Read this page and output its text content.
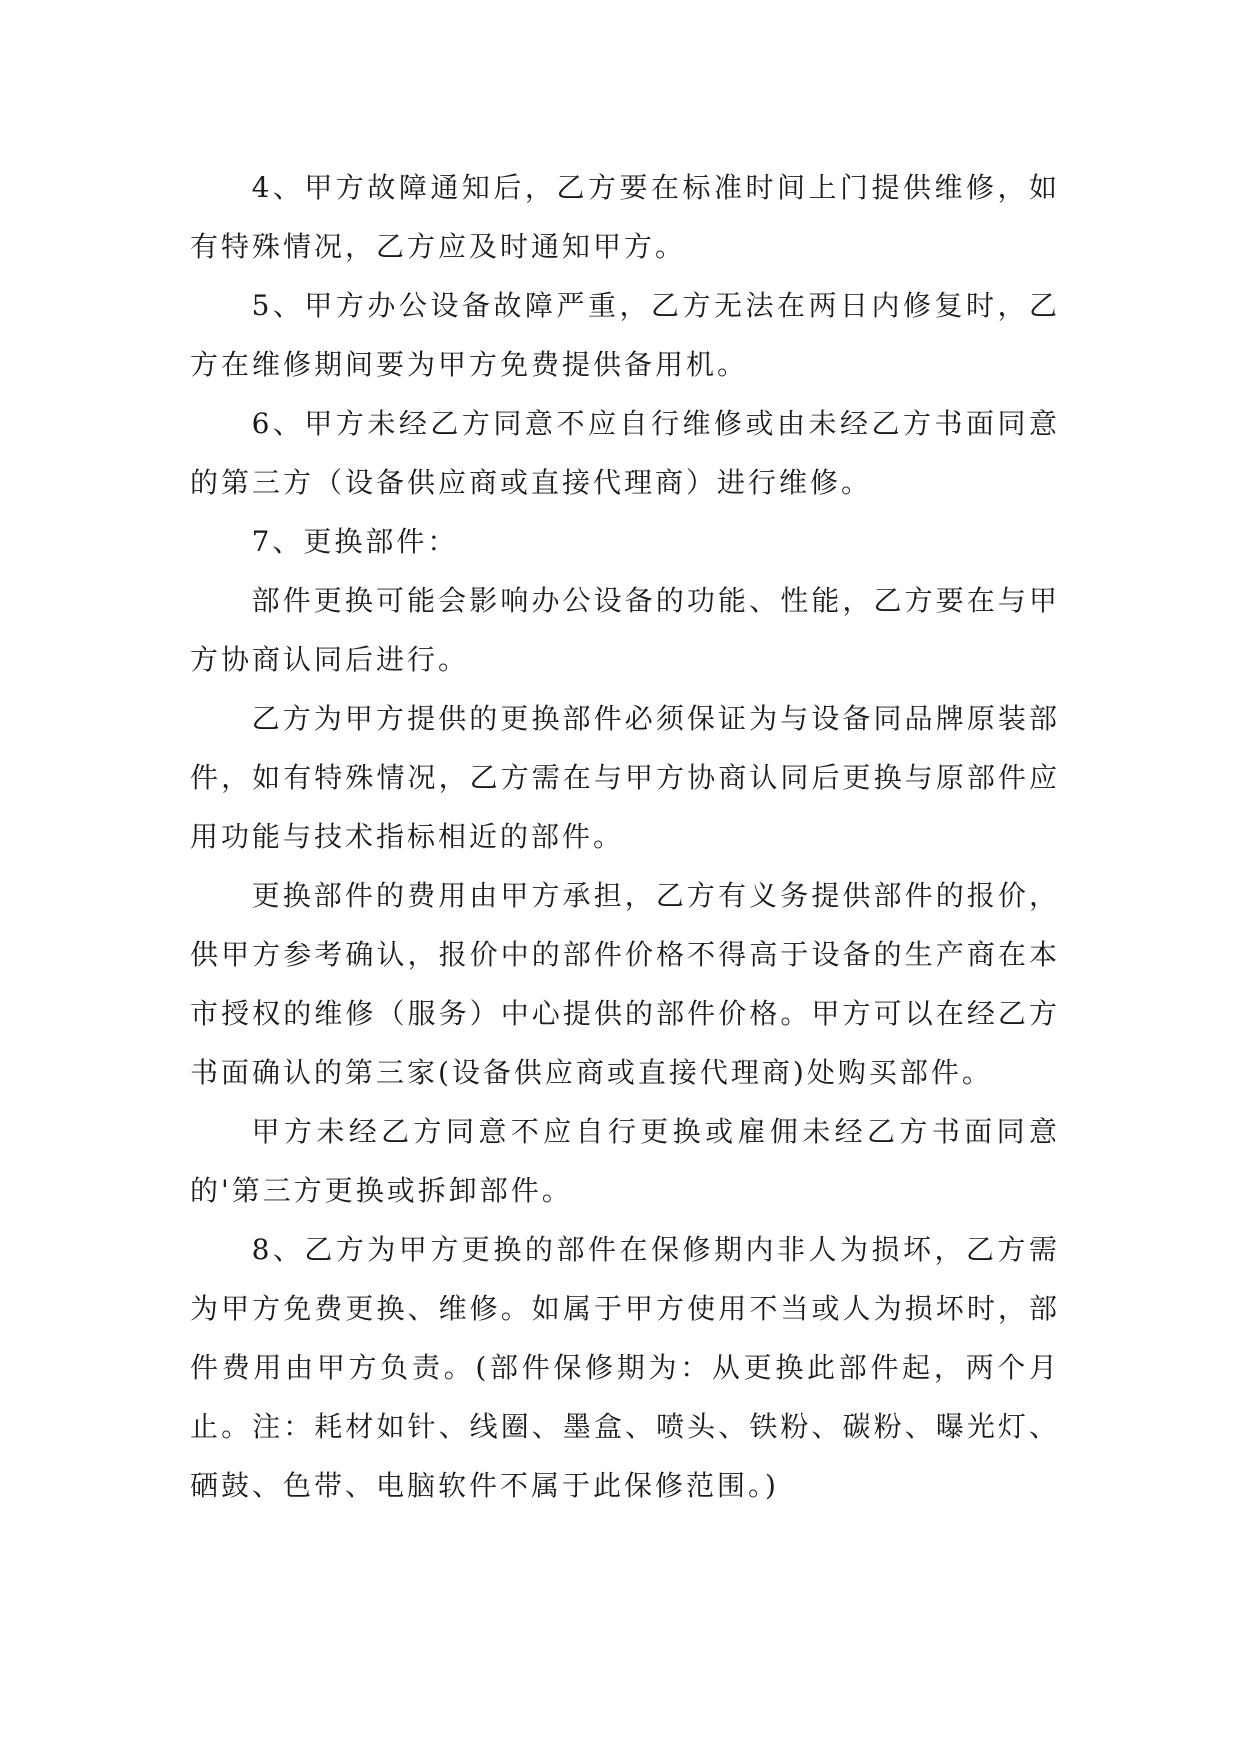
4、甲方故障通知后，乙方要在标准时间上门提供维修，如有特殊情况，乙方应及时通知甲方。

5、甲方办公设备故障严重，乙方无法在两日内修复时，乙方在维修期间要为甲方免费提供备用机。

6、甲方未经乙方同意不应自行维修或由未经乙方书面同意的第三方（设备供应商或直接代理商）进行维修。

7、更换部件：

部件更换可能会影响办公设备的功能、性能，乙方要在与甲方协商认同后进行。

乙方为甲方提供的更换部件必须保证为与设备同品牌原装部件，如有特殊情况，乙方需在与甲方协商认同后更换与原部件应用功能与技术指标相近的部件。

更换部件的费用由甲方承担，乙方有义务提供部件的报价，供甲方参考确认，报价中的部件价格不得高于设备的生产商在本市授权的维修（服务）中心提供的部件价格。甲方可以在经乙方书面确认的第三家(设备供应商或直接代理商)处购买部件。

甲方未经乙方同意不应自行更换或雇佣未经乙方书面同意的'第三方更换或拆卸部件。

8、乙方为甲方更换的部件在保修期内非人为损坏，乙方需为甲方免费更换、维修。如属于甲方使用不当或人为损坏时，部件费用由甲方负责。(部件保修期为：从更换此部件起，两个月止。注：耗材如针、线圈、墨盒、喷头、铁粉、碳粉、曝光灯、硒鼓、色带、电脑软件不属于此保修范围。)
